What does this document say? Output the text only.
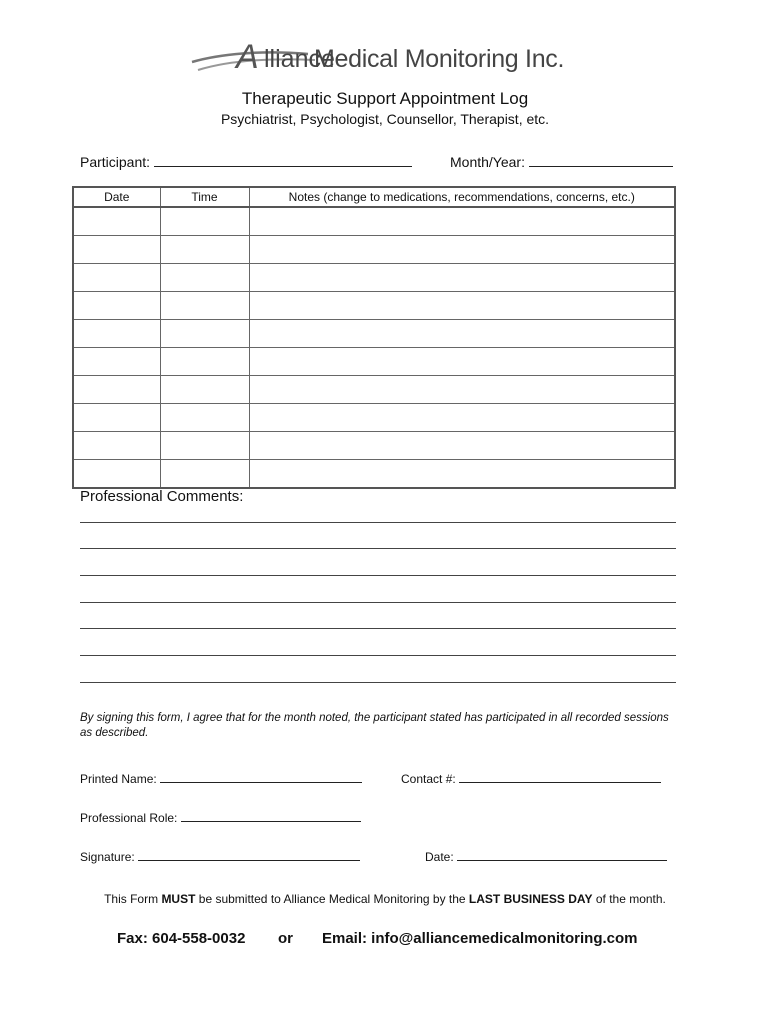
A lliance
Medical Monitoring Inc.
Therapeutic Support Appointment Log
Psychiatrist, Psychologist, Counsellor, Therapist, etc.
Participant:	Month/Year:
Date	Time	Notes (change to medications, recommendations, concerns, etc.)

Professional Comments:
By signing this form, I agree that for the month noted, the participant stated has participated in all recorded sessions as described.
Printed Name:	Contact #:
Professional Role:
Signature:	Date:
This Form MUST be submitted to Alliance Medical Monitoring by the LAST BUSINESS DAY of the month.
Fax: 604-558-0032 or Email: info@alliancemedicalmonitoring.com
